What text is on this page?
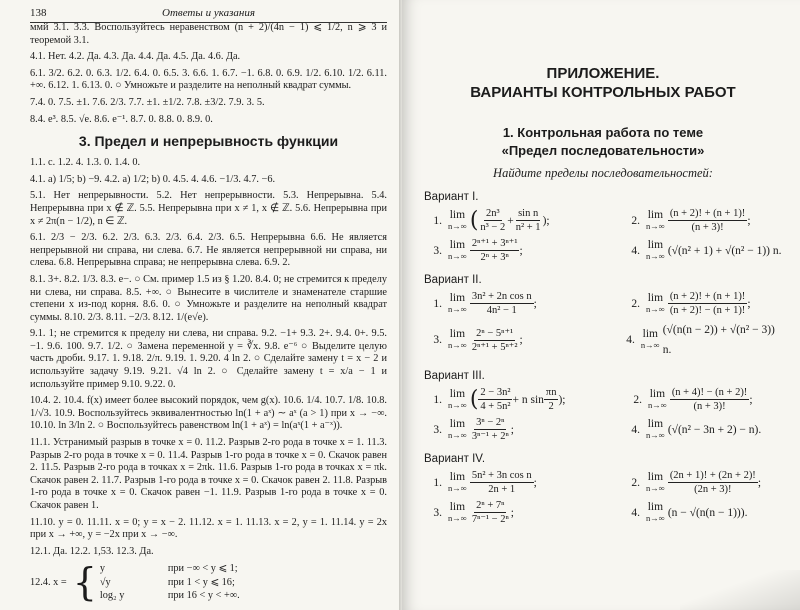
138	Ответы и указания

ммй 3.1. 3.3. Воспользуйтесь неравенством (n + 2)/(4n − 1) ⩽ 1/2, n ⩾ 3 и теоремой 3.1.

4.1. Нет. 4.2. Да. 4.3. Да. 4.4. Да. 4.5. Да. 4.6. Да.

6.1. 3/2. 6.2. 0. 6.3. 1/2. 6.4. 0. 6.5. 3. 6.6. 1. 6.7. −1. 6.8. 0. 6.9. 1/2. 6.10. 1/2. 6.11. +∞. 6.12. 1. 6.13. 0. ○ Умножьте и разделите на неполный квадрат суммы.

7.4. 0. 7.5. ±1. 7.6. 2/3. 7.7. ±1. ±1/2. 7.8. ±3/2. 7.9. 3. 5.

8.4. e³. 8.5. √e. 8.6. e⁻¹. 8.7. 0. 8.8. 0. 8.9. 0.

3. Предел и непрерывность функции

1.1. с. 1.2. 4. 1.3. 0. 1.4. 0.

4.1. а) 1/5; b) −9. 4.2. а) 1/2; b) 0. 4.5. 4. 4.6. −1/3. 4.7. −6.

5.1. Нет непрерывности. 5.2. Нет непрерывности. 5.3. Непрерывна. 5.4. Непрерывна при x ∉ ℤ. 5.5. Непрерывна при x ≠ 1, x ∉ ℤ. 5.6. Непрерывна при x ≠ 2π(n − 1/2), n ∈ ℤ.

6.1. 2/3 − 2/3. 6.2. 2/3. 6.3. 2/3. 6.4. 2/3. 6.5. Непрерывна 6.6. Не является непрерывной ни справа, ни слева. 6.7. Не является непрерывной ни справа, ни слева. 6.8. Непрерывна справа; не непрерывна слева. 6.9. 2.

8.1. 3+. 8.2. 1/3. 8.3. е−. ○ См. пример 1.5 из § 1.20. 8.4. 0; не стремится к пределу ни слева, ни справа. 8.5. +∞. ○ Вынесите в числителе и знаменателе старшие степени x из-под корня. 8.6. 0. ○ Умножьте и разделите на неполный квадрат суммы. 8.10. 2/3. 8.11. −2/3. 8.12. 1/(e√e).

9.1. 1; не стремится к пределу ни слева, ни справа. 9.2. −1+ 9.3. 2+. 9.4. 0+. 9.5. −1. 9.6. 100. 9.7. 1/2. ○ Замена переменной y = ∛x. 9.8. e⁻⁶ ○ Выделите целую часть дроби. 9.17. 1. 9.18. 2/π. 9.19. 1. 9.20. 4 ln 2. ○ Сделайте замену t = x − 2 и используйте задачу 9.19. 9.21. √4 ln 2. ○ Сделайте замену t = x/a − 1 и используйте пример 9.10. 9.22. 0.

10.4. 2. 10.4. f(x) имеет более высокий порядок, чем g(x). 10.6. 1/4. 10.7. 1/8. 10.8. 1/√3. 10.9. Воспользуйтесь эквивалентностью ln(1 + aˣ) ∼ aˣ (a > 1) при x → −∞. 10.10. ln 3/ln 2. ○ Воспользуйтесь равенством ln(1 + aˣ) = ln(aˣ(1 + a⁻ˣ)).

11.1. Устранимый разрыв в точке x = 0. 11.2. Разрыв 2-го рода в точке x = 1. 11.3. Разрыв 2-го рода в точке x = 0. 11.4. Разрыв 1-го рода в точке x = 0. Скачок равен 2. 11.5. Разрыв 2-го рода в точках x = 2πk. 11.6. Разрыв 1-го рода в точках x = πk. Скачок равен 2. 11.7. Разрыв 1-го рода в точке x = 0. Скачок равен 2. 11.8. Разрыв 1-го рода в точке x = 0. Скачок равен −1. 11.9. Разрыв 1-го рода в точке x = 0. Скачок равен 1.

11.10. y = 0. 11.11. x = 0; y = x − 2. 11.12. x = 1. 11.13. x = 2, y = 1. 11.14. y = 2x при x → +∞, y = −2x при x → −∞.

12.1. Да. 12.2. 1,53. 12.3. Да.

12.4. x = { y	при −∞ < y ⩽ 1;
√y	при 1 < y ⩽ 16;
log₂ y	при 16 < y < +∞.
ПРИЛОЖЕНИЕ.
ВАРИАНТЫ КОНТРОЛЬНЫХ РАБОТ
1. Контрольная работа по теме
«Предел последовательности»
Найдите пределы последовательностей:
Вариант I.
1. lim
n→∞ ( $\frac{\text{2n³}}{\text{n³ − 2}} + \frac{\text{sin n}}{\text{n² + 1}}$ );	2. lim
$n\to\infty \frac{(n + 2)! + (n + 1)!}{(n + 3)!}$ ;
3. lim
$n\to\infty \frac{\text{2ⁿ⁺¹ + 3ⁿ⁺¹}}{\text{2ⁿ + 3ⁿ}}$ ;	4. lim
n→∞ (√(n² + 1) + √(n² − 1)) n.
Вариант II.
1. lim
$n\to\infty \frac{\text{3n² + 2n cos n}}{\text{4n² − 1}}$ ;	2. lim
$n\to\infty \frac{(n + 2)! + (n + 1)!}{(n + 2)! - (n + 1)!}$ ;
3. lim
$n\to\infty \frac{\text{2ⁿ − 5ⁿ⁺¹}}{\text{2ⁿ⁺¹ + 5ⁿ⁺²}}$ ;	4. lim
n→∞
(√(n(n − 2)) + √(n² − 3)) n.
Вариант III.
1. lim
n→∞ ( $\frac{\text{2 − 3n²}}{\text{4 + 5n²}} + n$ $\sin \frac{\pi n}{2}$ );	2. lim
$n\to\infty \frac{(n + 4)! - (n + 2)!}{(n + 3)!}$ ;
3. lim
$n\to\infty \frac{\text{3ⁿ − 2ⁿ}}{\text{3ⁿ⁻¹ + 2ⁿ}}$ ;	4. lim
n→∞ (√(n² − 3n + 2) − n).
Вариант IV.
1. lim
$n\to\infty \frac{\text{5n² + 3n cos n}}{2n + 1}$ ;	2. lim
$n\to\infty \frac{(2n + 1)! + (2n + 2)!}{(2n + 3)!}$ ;
3. lim
$n\to\infty \frac{\text{2ⁿ + 7ⁿ}}{\text{7ⁿ⁻¹ − 2ⁿ}}$ ;	4. lim
n→∞ (n − √(n(n − 1))).
